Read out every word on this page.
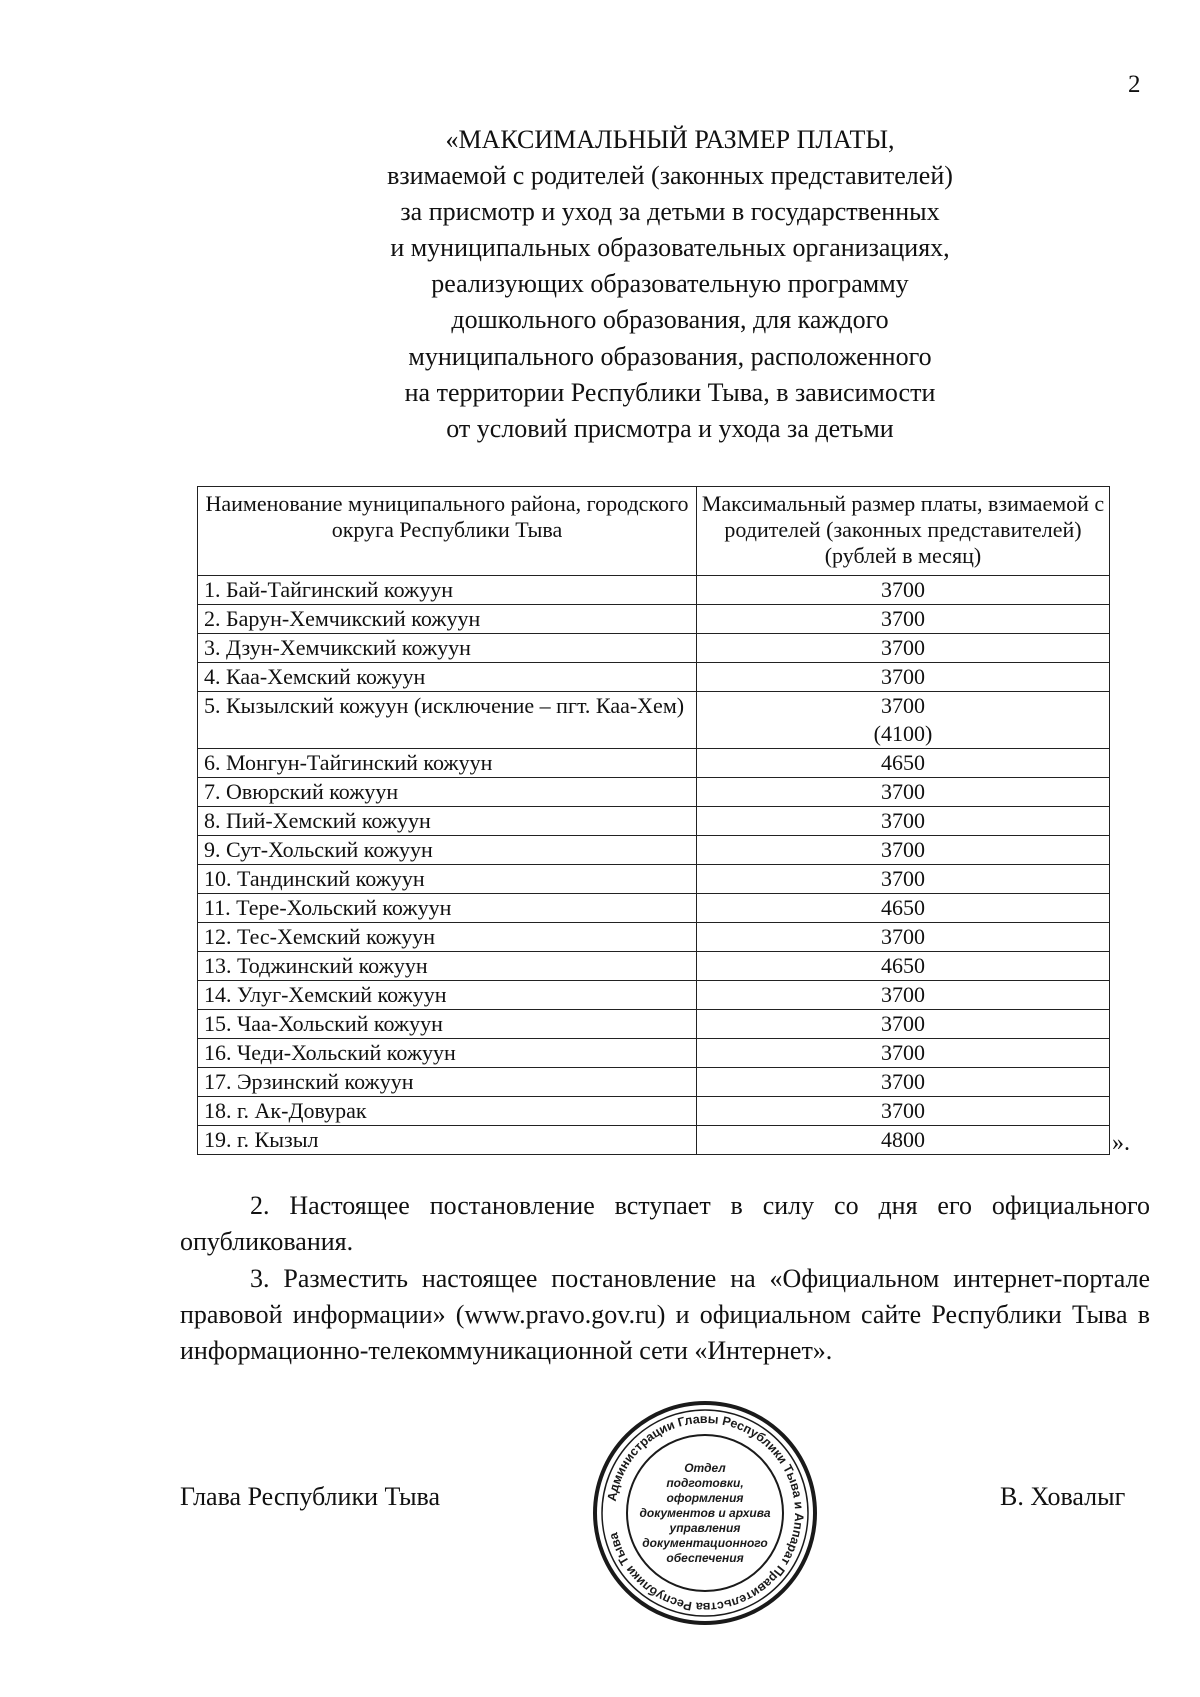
2
«МАКСИМАЛЬНЫЙ РАЗМЕР ПЛАТЫ,
взимаемой с родителей (законных представителей)
за присмотр и уход за детьми в государственных
и муниципальных образовательных организациях,
реализующих образовательную программу
дошкольного образования, для каждого
муниципального образования, расположенного
на территории Республики Тыва, в зависимости
от условий присмотра и ухода за детьми
Наименование муниципального района, городского округа Республики Тыва	Максимальный размер платы, взимаемой с родителей (законных представителей) (рублей в месяц)
1. Бай-Тайгинский кожуун	3700

2. Барун-Хемчикский кожуун	3700

3. Дзун-Хемчикский кожуун	3700

4. Каа-Хемский кожуун	3700

5. Кызылский кожуун (исключение – пгт. Каа-Хем)	3700
(4100)

6. Монгун-Тайгинский кожуун	4650

7. Овюрский кожуун	3700

8. Пий-Хемский кожуун	3700

9. Сут-Хольский кожуун	3700

10. Тандинский кожуун	3700

11. Тере-Хольский кожуун	4650

12. Тес-Хемский кожуун	3700

13. Тоджинский кожуун	4650

14. Улуг-Хемский кожуун	3700

15. Чаа-Хольский кожуун	3700

16. Чеди-Хольский кожуун	3700

17. Эрзинский кожуун	3700

18. г. Ак-Довурак	3700

19. г. Кызыл	4800	».
2. Настоящее постановление вступает в силу со дня его официального опубликования.
3. Разместить настоящее постановление на «Официальном интернет-портале правовой информации» (www.pravo.gov.ru) и официальном сайте Республики Тыва в информационно-телекоммуникационной сети «Интернет».
Глава Республики Тыва	В. Ховалыг
Администрации Главы Республики Тыва и Аппарат Правительства Республики Тыва
Отдел
подготовки,
оформления
документов и архива
управления
документационного
обеспечения
